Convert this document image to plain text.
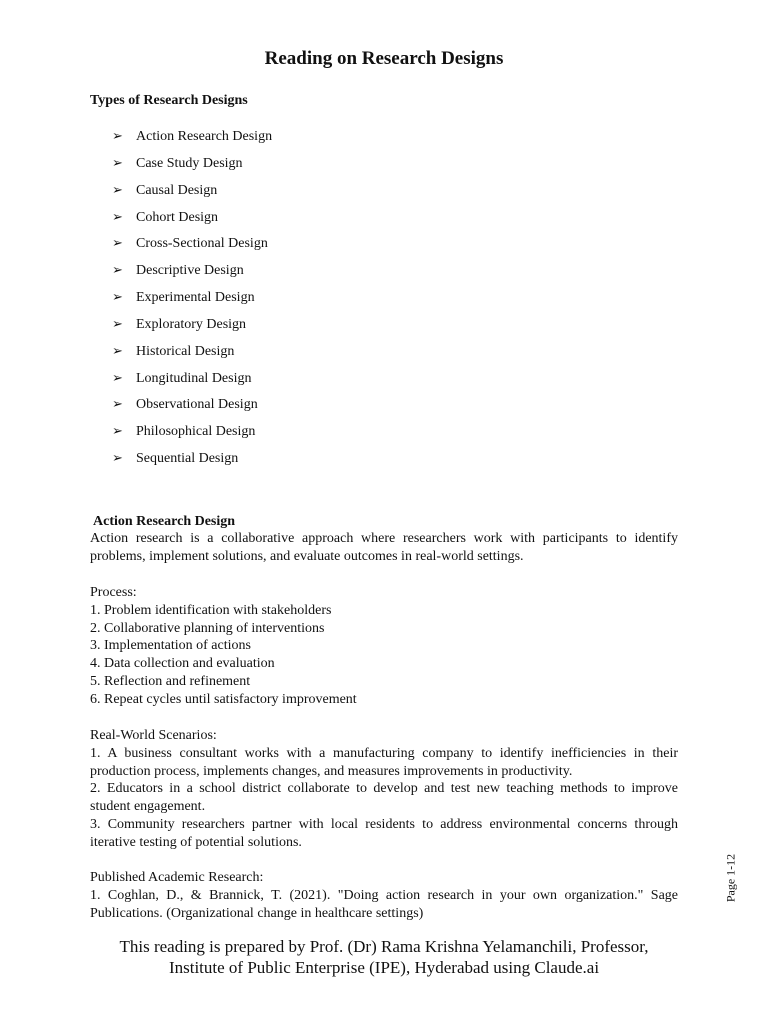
Reading on Research Designs
Types of Research Designs
➢ Action Research Design
➢ Case Study Design
➢ Causal Design
➢ Cohort Design
➢ Cross-Sectional Design
➢ Descriptive Design
➢ Experimental Design
➢ Exploratory Design
➢ Historical Design
➢ Longitudinal Design
➢ Observational Design
➢ Philosophical Design
➢ Sequential Design
Action Research Design

Action research is a collaborative approach where researchers work with participants to identify problems, implement solutions, and evaluate outcomes in real-world settings.

Process:

1. Problem identification with stakeholders

2. Collaborative planning of interventions

3. Implementation of actions

4. Data collection and evaluation

5. Reflection and refinement

6. Repeat cycles until satisfactory improvement

Real-World Scenarios:

1. A business consultant works with a manufacturing company to identify inefficiencies in their production process, implements changes, and measures improvements in productivity.

2. Educators in a school district collaborate to develop and test new teaching methods to improve student engagement.

3. Community researchers partner with local residents to address environmental concerns through iterative testing of potential solutions.

Published Academic Research:

1. Coghlan, D., & Brannick, T. (2021). "Doing action research in your own organization." Sage Publications. (Organizational change in healthcare settings)

Page 1-12
This reading is prepared by Prof. (Dr) Rama Krishna Yelamanchili, Professor,
Institute of Public Enterprise (IPE), Hyderabad using Claude.ai
